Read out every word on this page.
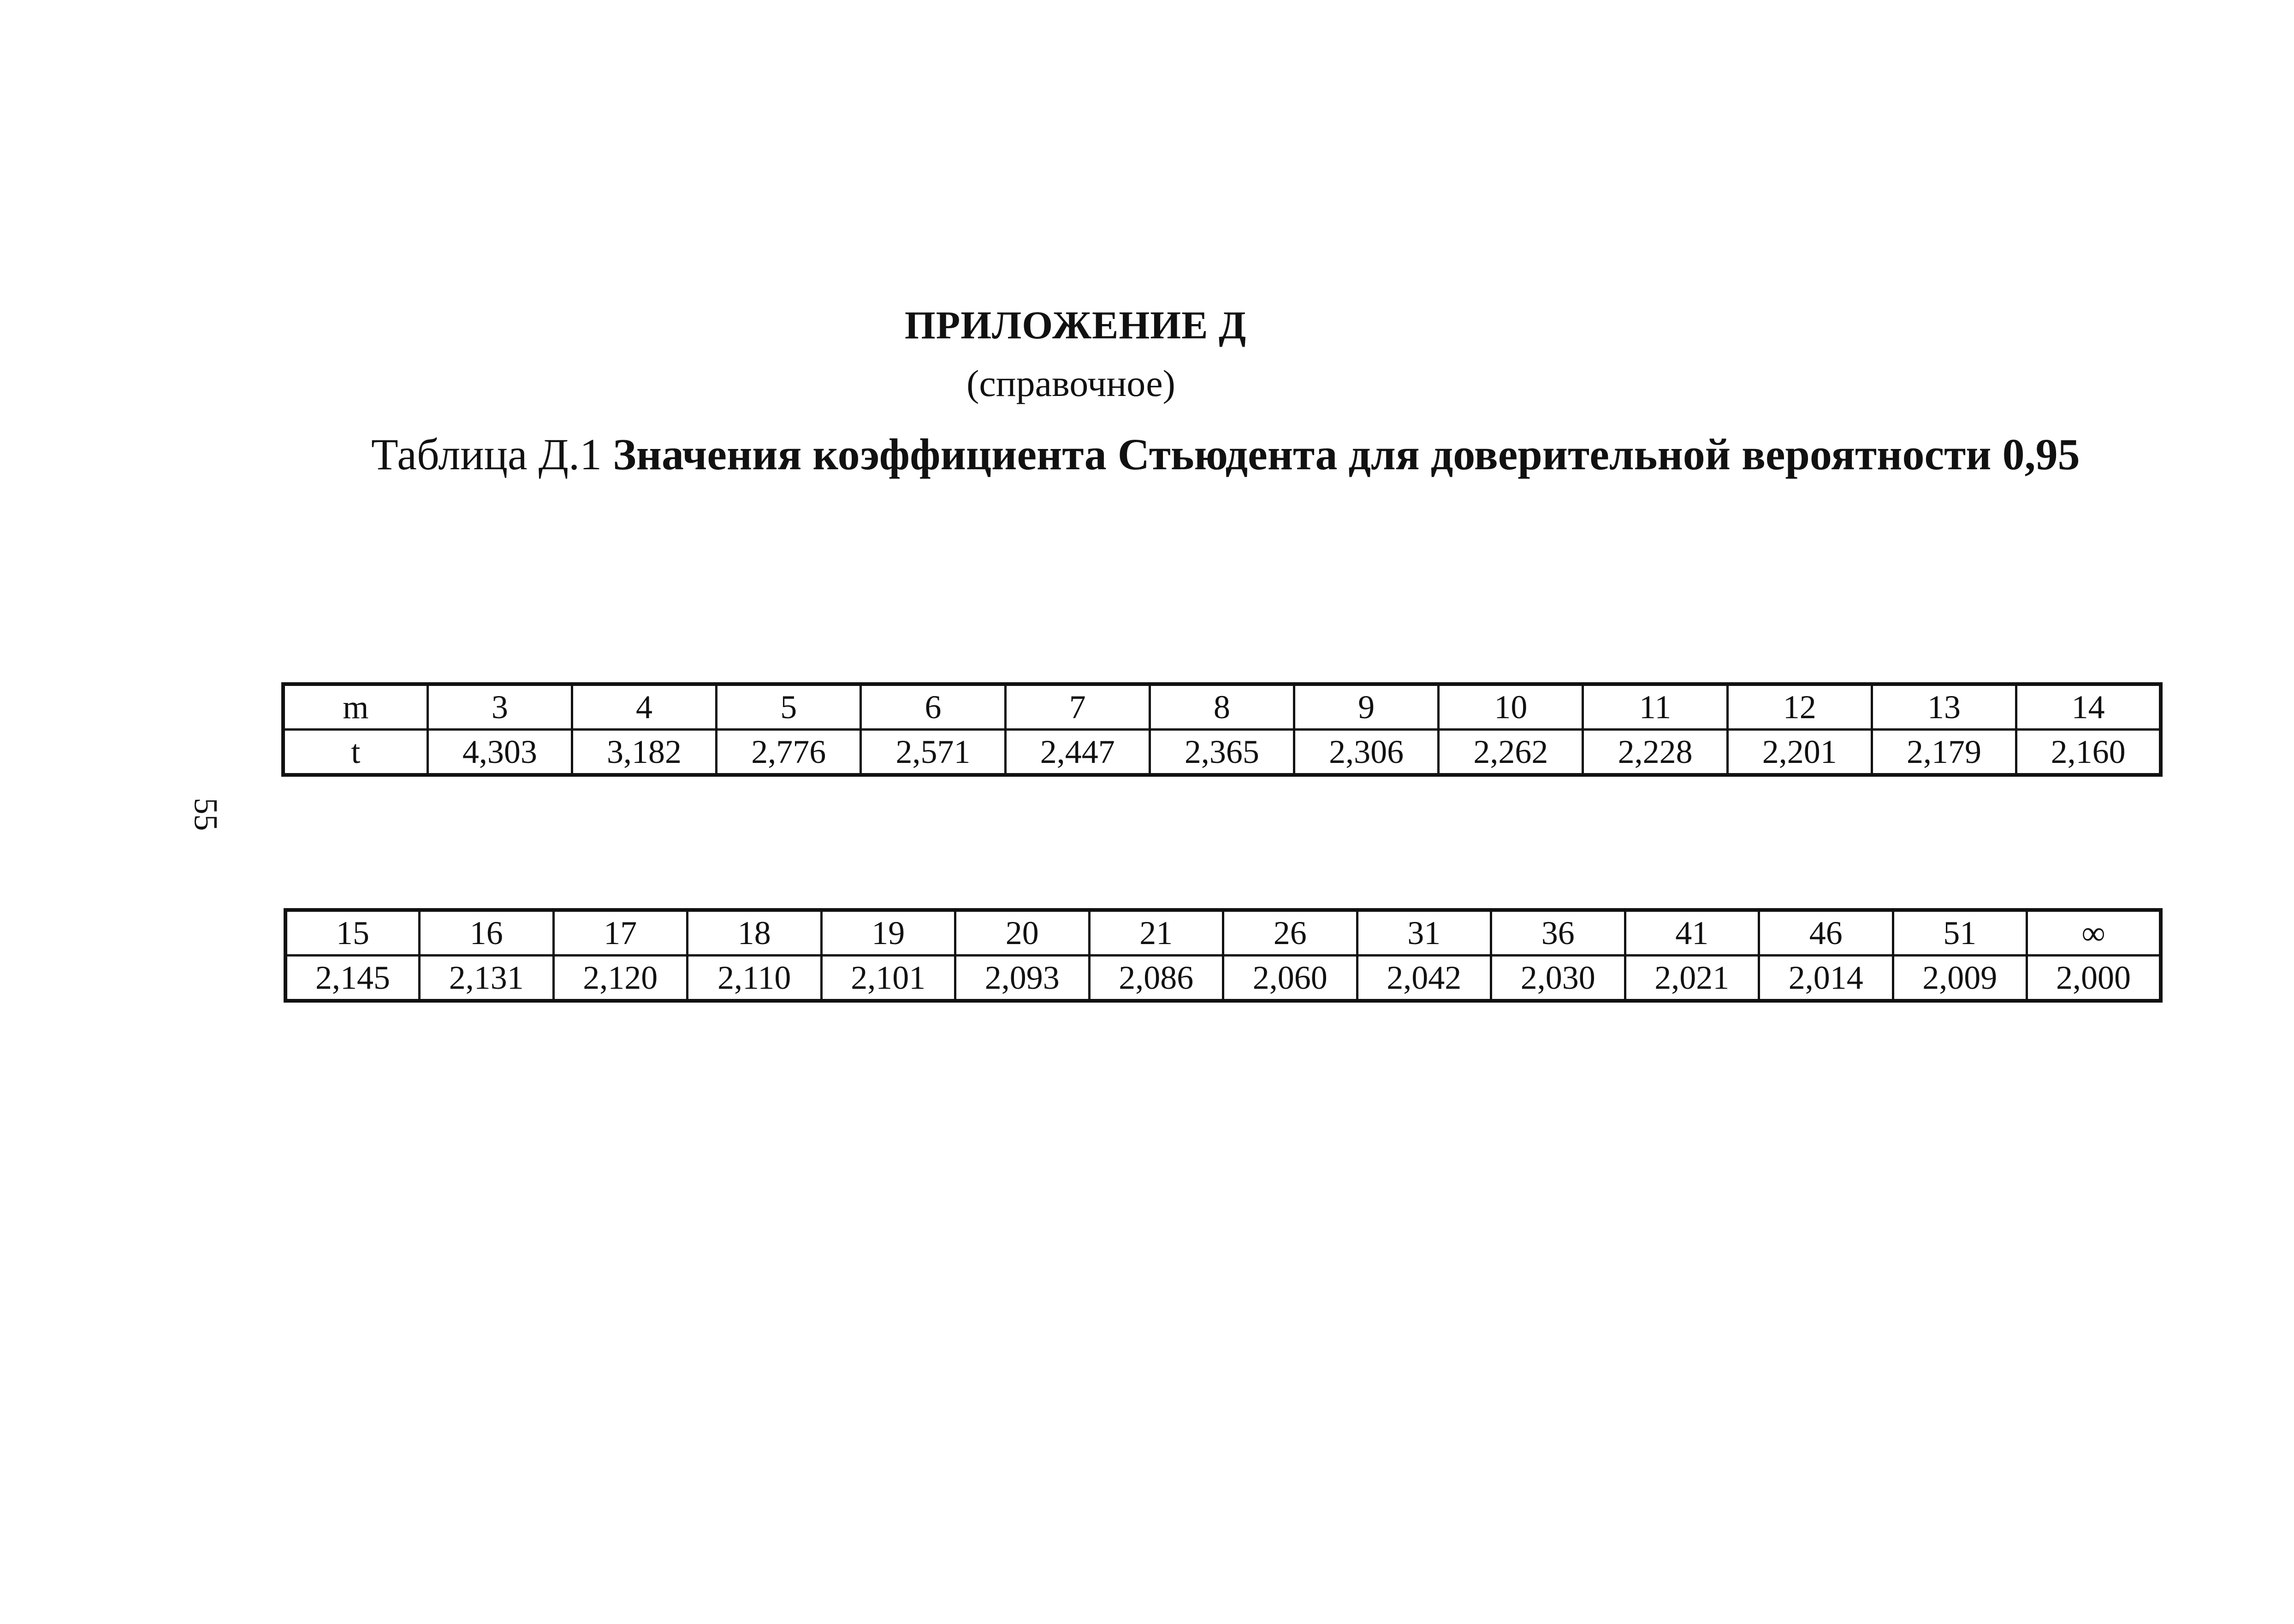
ПРИЛОЖЕНИЕ Д
(справочное)
Таблица Д.1 Значения коэффициента Стьюдента для доверительной вероятности 0,95
55
m	3	4	5	6	7	8	9	10	11	12	13	14
t	4,303	3,182	2,776	2,571	2,447	2,365	2,306	2,262	2,228	2,201	2,179	2,160
15	16	17	18	19	20	21	26	31	36	41	46	51	∞
2,145	2,131	2,120	2,110	2,101	2,093	2,086	2,060	2,042	2,030	2,021	2,014	2,009	2,000
